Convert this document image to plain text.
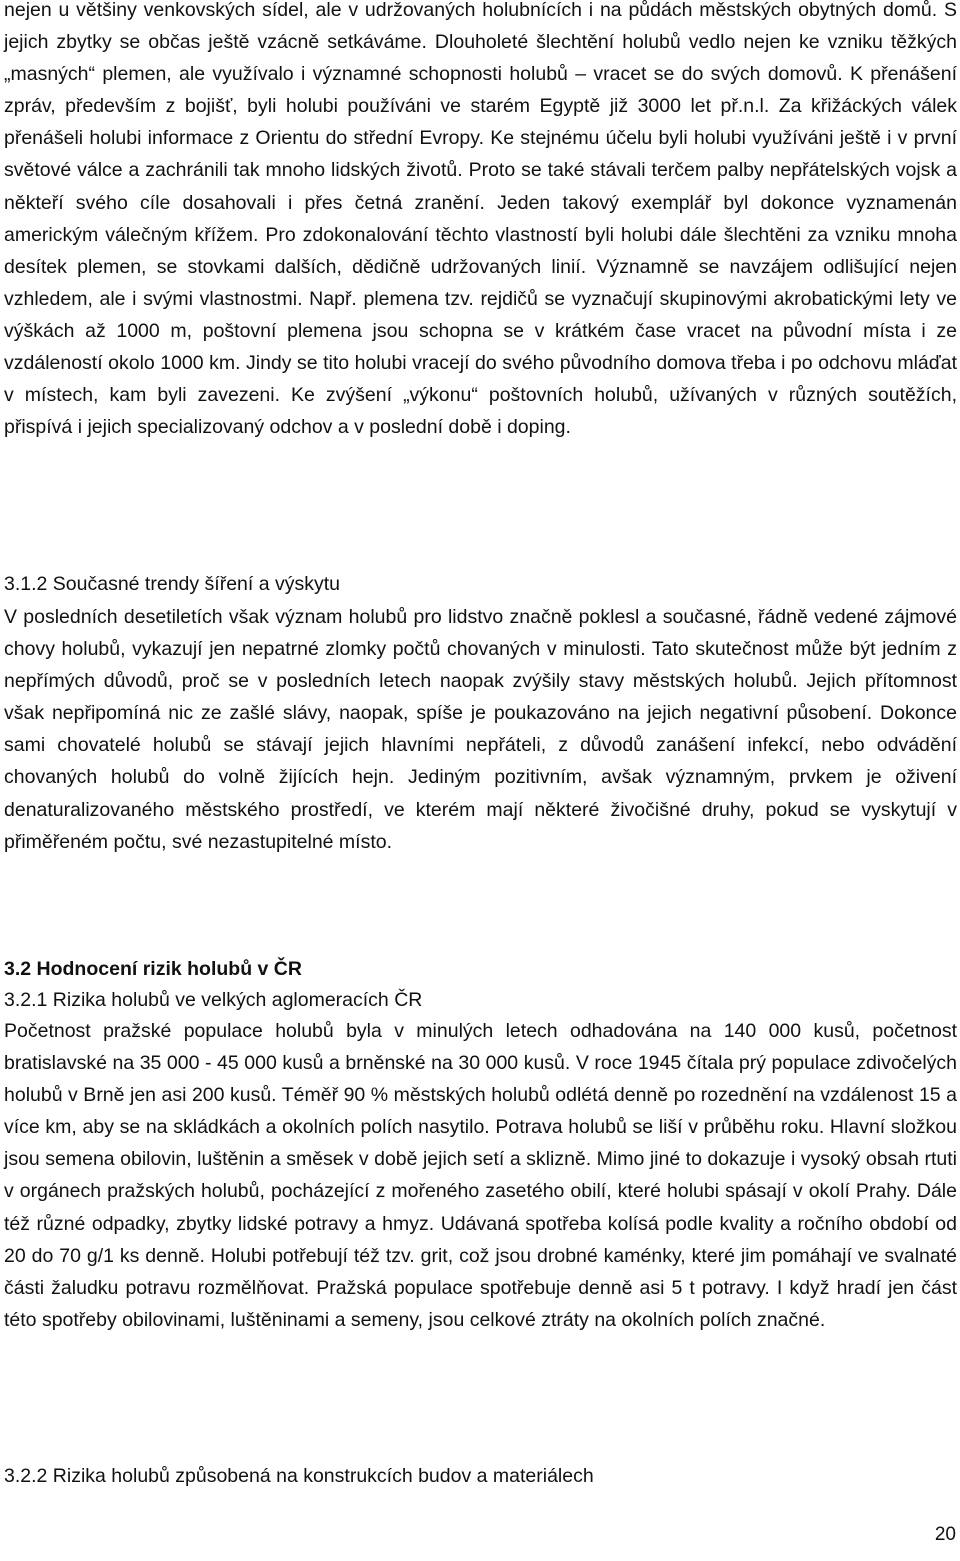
nejen u většiny venkovských sídel, ale v udržovaných holubnících i na půdách městských obytných domů. S jejich zbytky se občas ještě vzácně setkáváme. Dlouholeté šlechtění holubů vedlo nejen ke vzniku těžkých „masných“ plemen, ale využívalo i významné schopnosti holubů – vracet se do svých domovů. K přenášení zpráv, především z bojišť, byli holubi používáni ve starém Egyptě již 3000 let př.n.l. Za křižáckých válek přenášeli holubi informace z Orientu do střední Evropy. Ke stejnému účelu byli holubi využíváni ještě i v první světové válce a zachránili tak mnoho lidských životů. Proto se také stávali terčem palby nepřátelských vojsk a někteří svého cíle dosahovali i přes četná zranění. Jeden takový exemplář byl dokonce vyznamenán americkým válečným křížem. Pro zdokonalování těchto vlastností byli holubi dále šlechtěni za vzniku mnoha desítek plemen, se stovkami dalších, dědičně udržovaných linií. Významně se navzájem odlišující nejen vzhledem, ale i svými vlastnostmi. Např. plemena tzv. rejdičů se vyznačují skupinovými akrobatickými lety ve výškách až 1000 m, poštovní plemena jsou schopna se v krátkém čase vracet na původní místa i ze vzdáleností okolo 1000 km. Jindy se tito holubi vracejí do svého původního domova třeba i po odchovu mláďat v místech, kam byli zavezeni. Ke zvýšení „výkonu“ poštovních holubů, užívaných v různých soutěžích, přispívá i jejich specializovaný odchov a v poslední době i doping.

3.1.2 Současné trendy šíření a výskytu

V posledních desetiletích však význam holubů pro lidstvo značně poklesl a současné, řádně vedené zájmové chovy holubů, vykazují jen nepatrné zlomky počtů chovaných v minulosti. Tato skutečnost může být jedním z nepřímých důvodů, proč se v posledních letech naopak zvýšily stavy městských holubů. Jejich přítomnost však nepřipomíná nic ze zašlé slávy, naopak, spíše je poukazováno na jejich negativní působení. Dokonce sami chovatelé holubů se stávají jejich hlavními nepřáteli, z důvodů zanášení infekcí, nebo odvádění chovaných holubů do volně žijících hejn. Jediným pozitivním, avšak významným, prvkem je oživení denaturalizovaného městského prostředí, ve kterém mají některé živočišné druhy, pokud se vyskytují v přiměřeném počtu, své nezastupitelné místo.

3.2 Hodnocení rizik holubů v ČR
3.2.1 Rizika holubů ve velkých aglomeracích ČR

Početnost pražské populace holubů byla v minulých letech odhadována na 140 000 kusů, početnost bratislavské na 35 000 - 45 000 kusů a brněnské na 30 000 kusů. V roce 1945 čítala prý populace zdivočelých holubů v Brně jen asi 200 kusů. Téměř 90 % městských holubů odlétá denně po rozednění na vzdálenost 15 a více km, aby se na skládkách a okolních polích nasytilo. Potrava holubů se liší v průběhu roku. Hlavní složkou jsou semena obilovin, luštěnin a směsek v době jejich setí a sklizně. Mimo jiné to dokazuje i vysoký obsah rtuti v orgánech pražských holubů, pocházející z mořeného zasetého obilí, které holubi spásají v okolí Prahy. Dále též různé odpadky, zbytky lidské potravy a hmyz. Udávaná spotřeba kolísá podle kvality a ročního období od 20 do 70 g/1 ks denně. Holubi potřebují též tzv. grit, což jsou drobné kaménky, které jim pomáhají ve svalnaté části žaludku potravu rozmělňovat. Pražská populace spotřebuje denně asi 5 t potravy. I když hradí jen část této spotřeby obilovinami, luštěninami a semeny, jsou celkové ztráty na okolních polích značné.

3.2.2 Rizika holubů způsobená na konstrukcích budov a materiálech
20
